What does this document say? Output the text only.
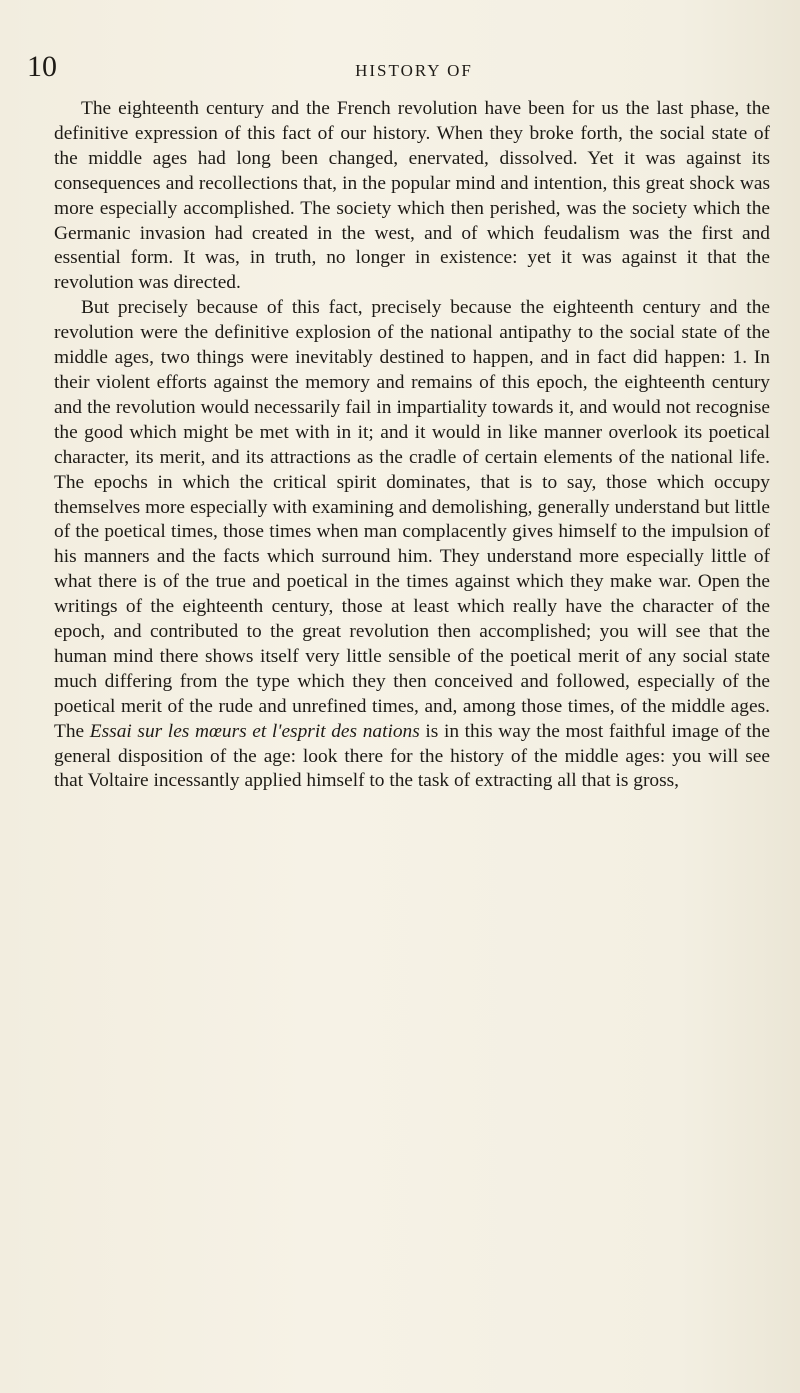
10	HISTORY OF

The eighteenth century and the French revolution have been for us the last phase, the definitive expression of this fact of our history. When they broke forth, the social state of the middle ages had long been changed, enervated, dissolved. Yet it was against its consequences and recollections that, in the popular mind and intention, this great shock was more especially accomplished. The society which then perished, was the society which the Germanic invasion had created in the west, and of which feudalism was the first and essential form. It was, in truth, no longer in existence: yet it was against it that the revolution was directed.

But precisely because of this fact, precisely because the eighteenth century and the revolution were the definitive explosion of the national antipathy to the social state of the middle ages, two things were inevitably destined to happen, and in fact did happen: 1. In their violent efforts against the memory and remains of this epoch, the eighteenth century and the revolution would necessarily fail in impartiality towards it, and would not recognise the good which might be met with in it; and it would in like manner overlook its poetical character, its merit, and its attractions as the cradle of certain elements of the national life. The epochs in which the critical spirit dominates, that is to say, those which occupy themselves more especially with examining and demolishing, generally understand but little of the poetical times, those times when man complacently gives himself to the impulsion of his manners and the facts which surround him. They understand more especially little of what there is of the true and poetical in the times against which they make war. Open the writings of the eighteenth century, those at least which really have the character of the epoch, and contributed to the great revolution then accomplished; you will see that the human mind there shows itself very little sensible of the poetical merit of any social state much differing from the type which they then conceived and followed, especially of the poetical merit of the rude and unrefined times, and, among those times, of the middle ages. The Essai sur les mœurs et l'esprit des nations is in this way the most faithful image of the general disposition of the age: look there for the history of the middle ages: you will see that Voltaire incessantly applied himself to the task of extracting all that is gross,
